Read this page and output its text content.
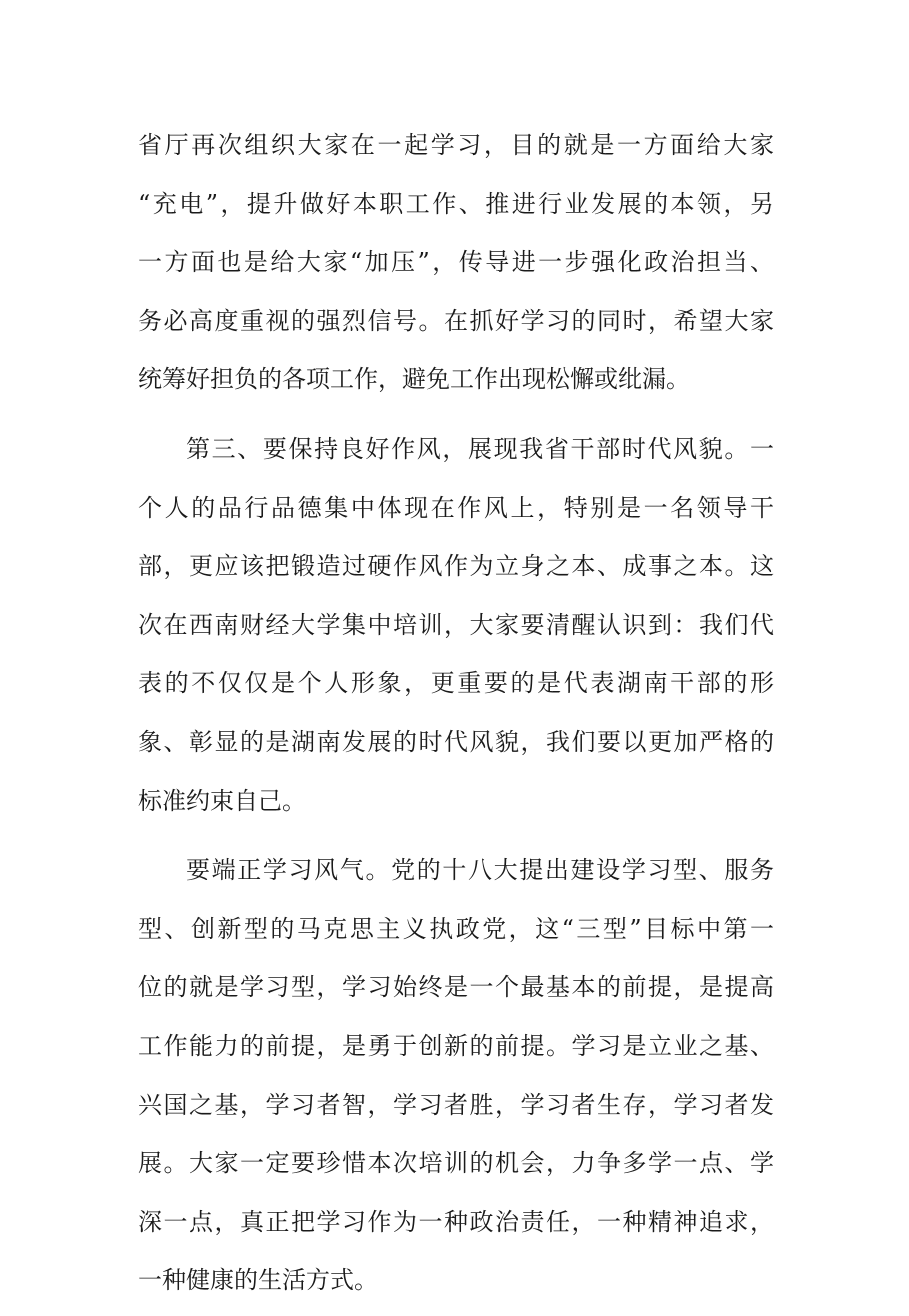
省厅再次组织大家在一起学习，目的就是一方面给大家
“充电”，提升做好本职工作、推进行业发展的本领，另
一方面也是给大家“加压”，传导进一步强化政治担当、
务必高度重视的强烈信号。在抓好学习的同时，希望大家
统筹好担负的各项工作，避免工作出现松懈或纰漏。
第三、要保持良好作风，展现我省干部时代风貌。一
个人的品行品德集中体现在作风上，特别是一名领导干
部，更应该把锻造过硬作风作为立身之本、成事之本。这
次在西南财经大学集中培训，大家要清醒认识到：我们代
表的不仅仅是个人形象，更重要的是代表湖南干部的形
象、彰显的是湖南发展的时代风貌，我们要以更加严格的
标准约束自己。
要端正学习风气。党的十八大提出建设学习型、服务
型、创新型的马克思主义执政党，这“三型”目标中第一
位的就是学习型，学习始终是一个最基本的前提，是提高
工作能力的前提，是勇于创新的前提。学习是立业之基、
兴国之基，学习者智，学习者胜，学习者生存，学习者发
展。大家一定要珍惜本次培训的机会，力争多学一点、学
深一点，真正把学习作为一种政治责任，一种精神追求，
一种健康的生活方式。
